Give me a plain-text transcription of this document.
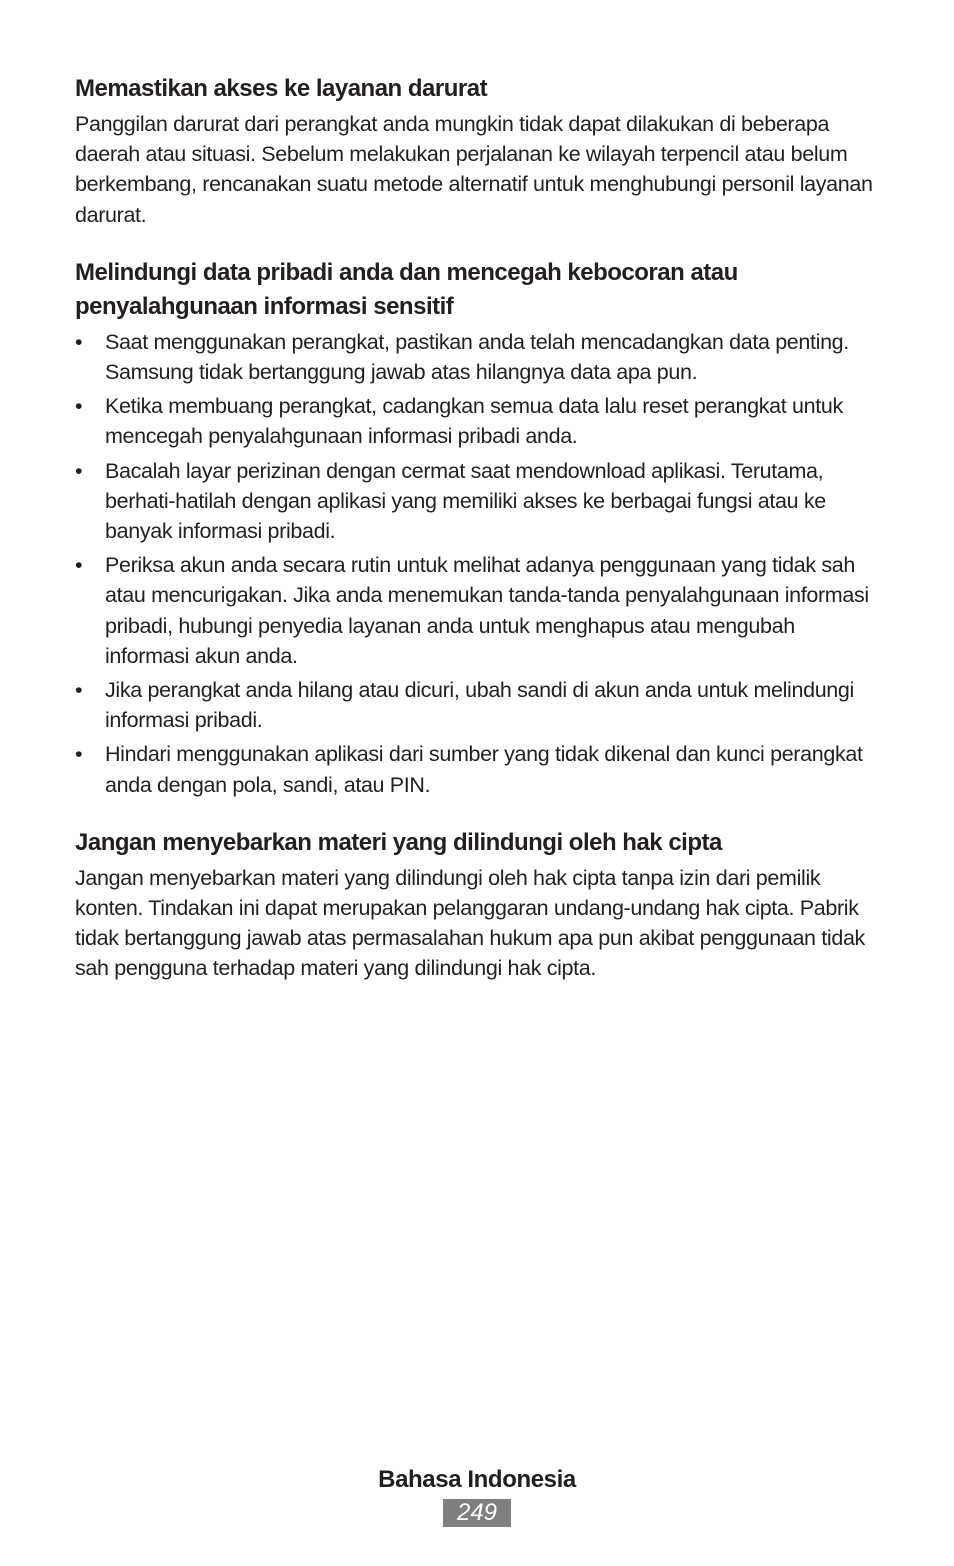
Memastikan akses ke layanan darurat

Panggilan darurat dari perangkat anda mungkin tidak dapat dilakukan di beberapa daerah atau situasi. Sebelum melakukan perjalanan ke wilayah terpencil atau belum berkembang, rencanakan suatu metode alternatif untuk menghubungi personil layanan darurat.

Melindungi data pribadi anda dan mencegah kebocoran atau penyalahgunaan informasi sensitif
•	Saat menggunakan perangkat, pastikan anda telah mencadangkan data penting. Samsung tidak bertanggung jawab atas hilangnya data apa pun.
•	Ketika membuang perangkat, cadangkan semua data lalu reset perangkat untuk mencegah penyalahgunaan informasi pribadi anda.
•	Bacalah layar perizinan dengan cermat saat mendownload aplikasi. Terutama, berhati-hatilah dengan aplikasi yang memiliki akses ke berbagai fungsi atau ke banyak informasi pribadi.
•	Periksa akun anda secara rutin untuk melihat adanya penggunaan yang tidak sah atau mencurigakan. Jika anda menemukan tanda-tanda penyalahgunaan informasi pribadi, hubungi penyedia layanan anda untuk menghapus atau mengubah informasi akun anda.
•	Jika perangkat anda hilang atau dicuri, ubah sandi di akun anda untuk melindungi informasi pribadi.
•	Hindari menggunakan aplikasi dari sumber yang tidak dikenal dan kunci perangkat anda dengan pola, sandi, atau PIN.
Jangan menyebarkan materi yang dilindungi oleh hak cipta

Jangan menyebarkan materi yang dilindungi oleh hak cipta tanpa izin dari pemilik konten. Tindakan ini dapat merupakan pelanggaran undang-undang hak cipta. Pabrik tidak bertanggung jawab atas permasalahan hukum apa pun akibat penggunaan tidak sah pengguna terhadap materi yang dilindungi hak cipta.

Bahasa Indonesia
249
